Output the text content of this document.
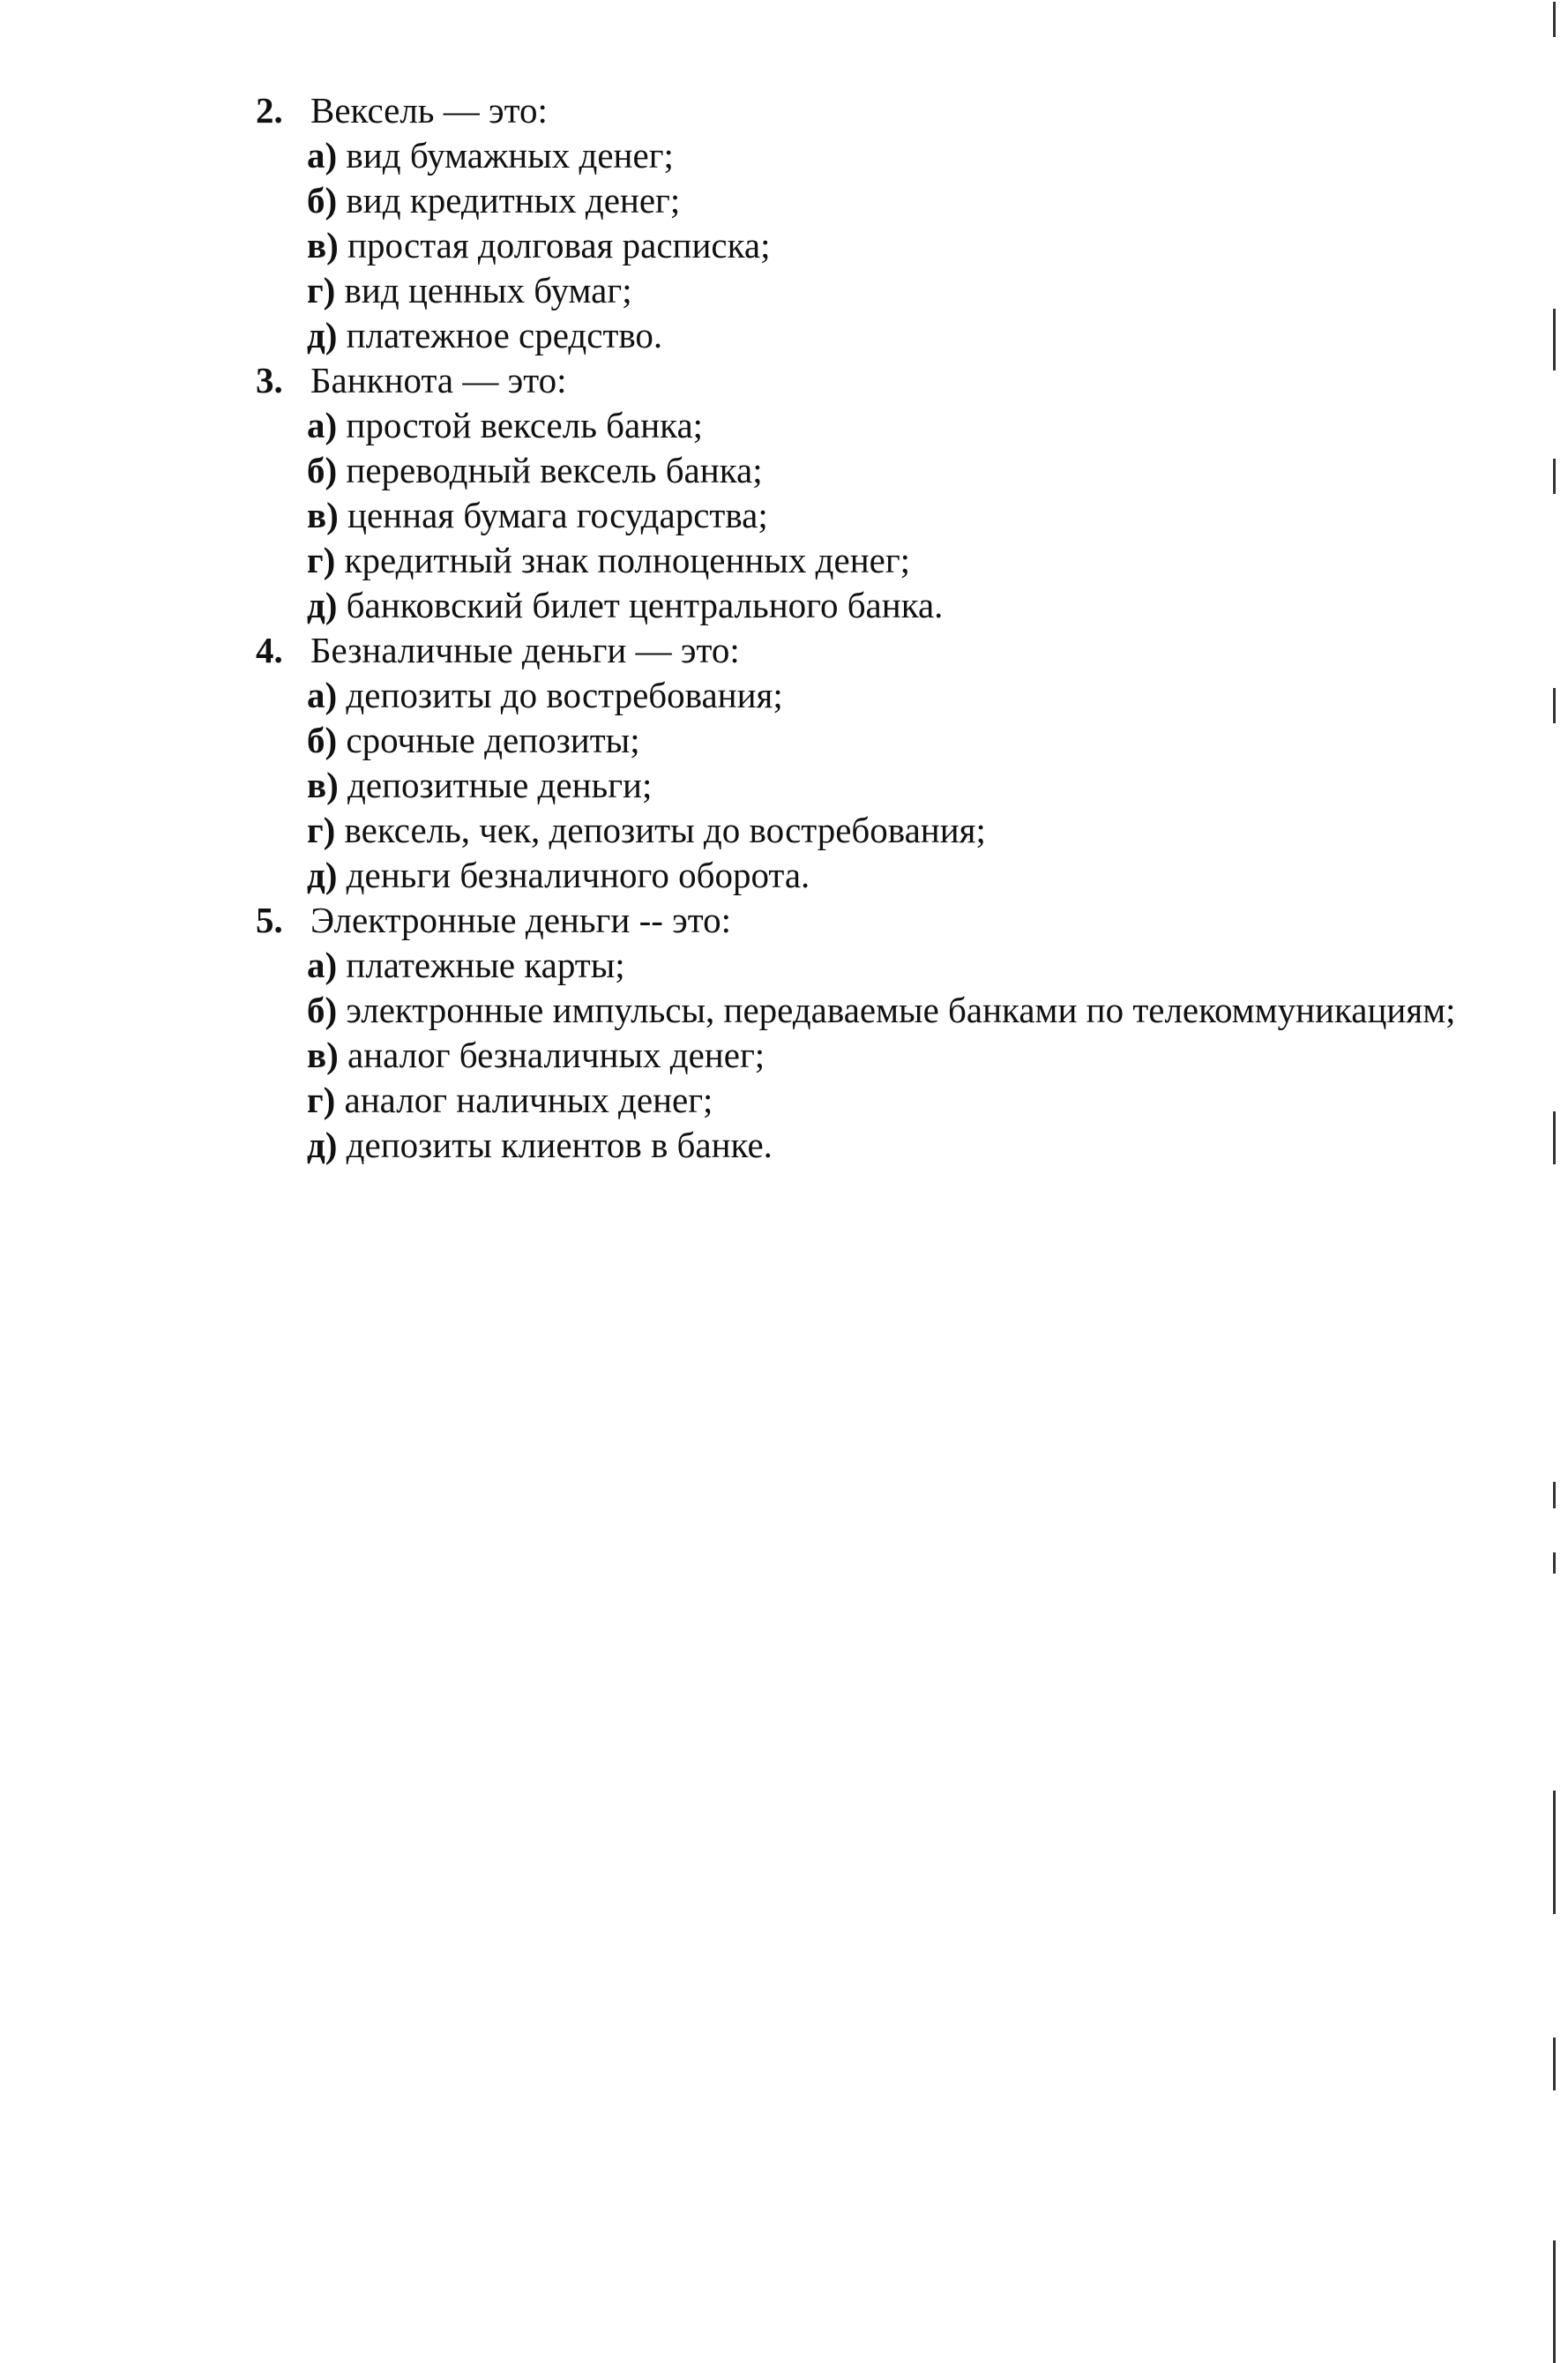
2. Вексель — это:

а) вид бумажных денег;
б) вид кредитных денег;
в) простая долговая расписка;
г) вид ценных бумаг;
д) платежное средство.

3. Банкнота — это:

а) простой вексель банка;
б) переводный вексель банка;
в) ценная бумага государства;
г) кредитный знак полноценных денег;
д) банковский билет центрального банка.

4. Безналичные деньги — это:

а) депозиты до востребования;
б) срочные депозиты;
в) депозитные деньги;
г) вексель, чек, депозиты до востребования;
д) деньги безналичного оборота.

5. Электронные деньги -- это:

а) платежные карты;
б) электронные импульсы, передаваемые банками по телекоммуникациям;
в) аналог безналичных денег;
г) аналог наличных денег;
д) депозиты клиентов в банке.
